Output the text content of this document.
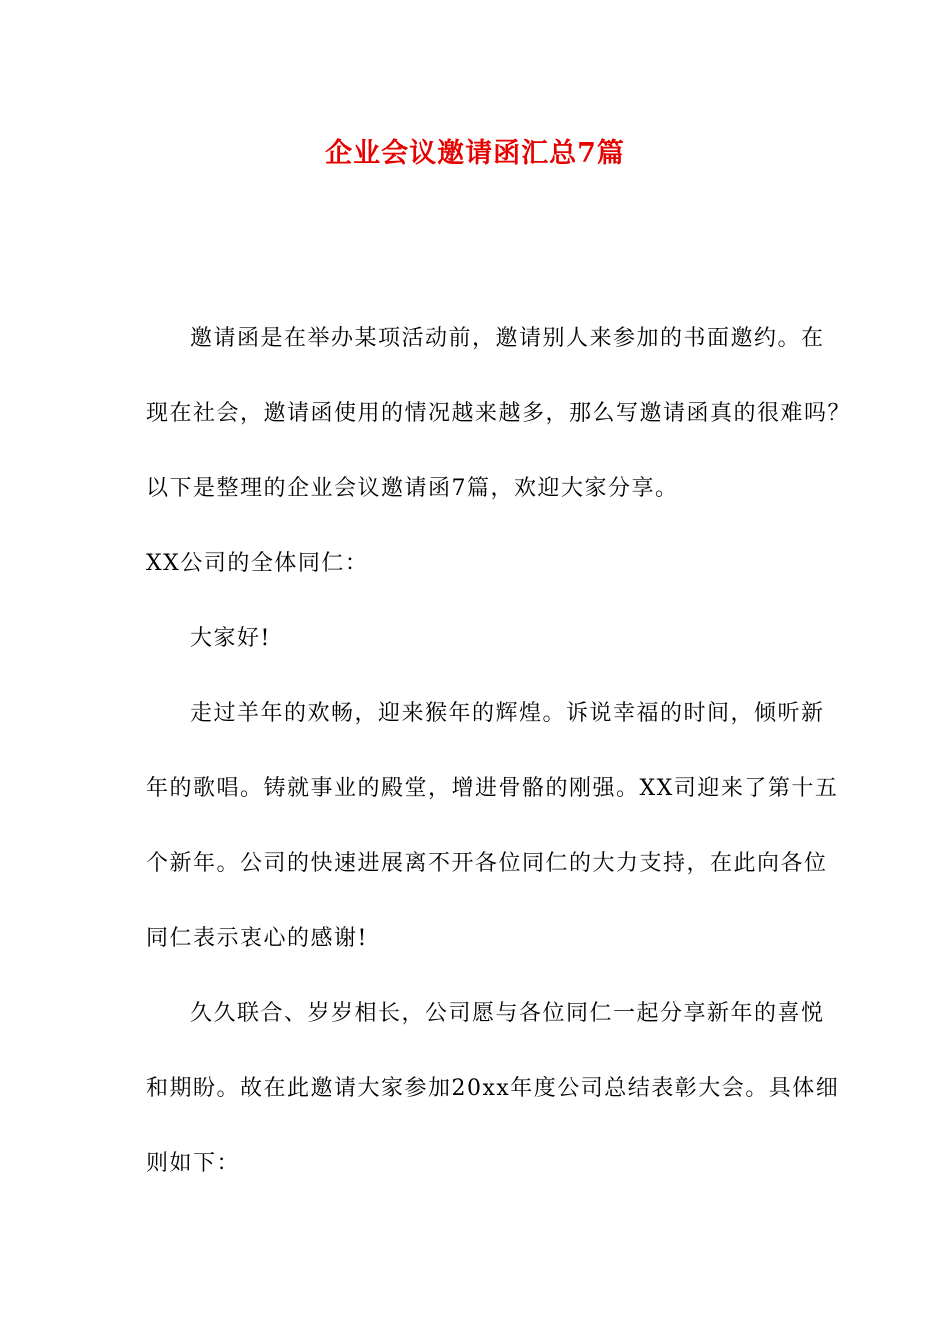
企业会议邀请函汇总7篇
邀请函是在举办某项活动前，邀请别人来参加的书面邀约。在
现在社会，邀请函使用的情况越来越多，那么写邀请函真的很难吗？
以下是整理的企业会议邀请函7篇，欢迎大家分享。
XX公司的全体同仁：
大家好!
走过羊年的欢畅，迎来猴年的辉煌。诉说幸福的时间，倾听新
年的歌唱。铸就事业的殿堂，增进骨骼的刚强。XX司迎来了第十五
个新年。公司的快速进展离不开各位同仁的大力支持，在此向各位
同仁表示衷心的感谢!
久久联合、岁岁相长，公司愿与各位同仁一起分享新年的喜悦
和期盼。故在此邀请大家参加20xx年度公司总结表彰大会。具体细
则如下：
